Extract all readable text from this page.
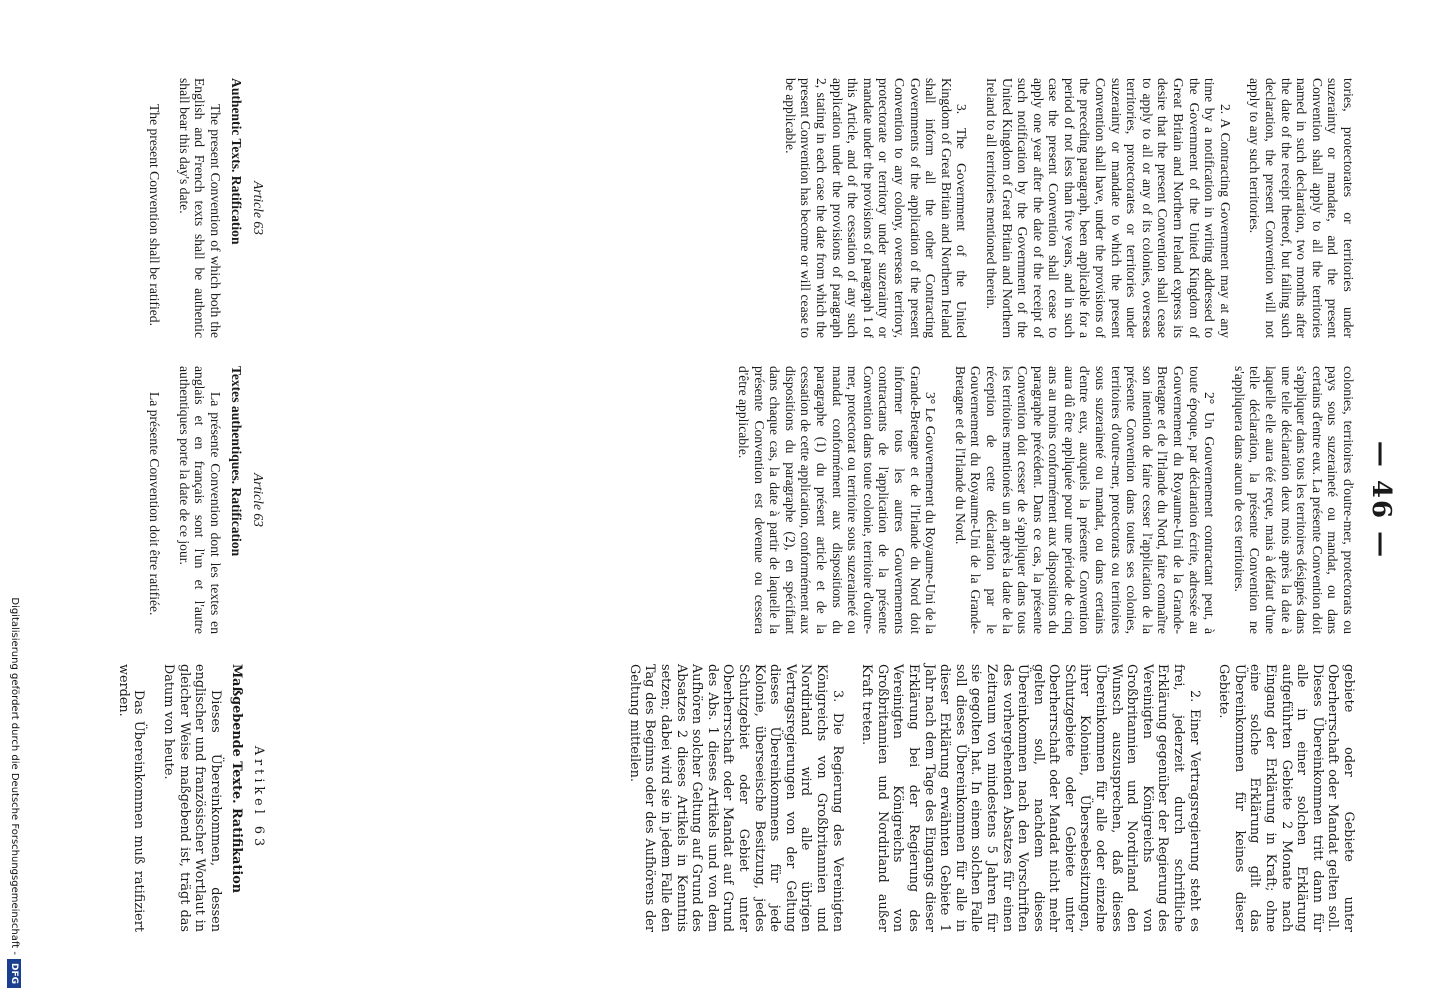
— 46 —

tories, protectorates or territories under suzerainty or mandate, and the present Convention shall apply to all the territories named in such declaration, two months after the date of the receipt thereof, but failing such declaration, the present Convention will not apply to any such territories.

2. A Contracting Government may at any time by a notification in writing addressed to the Government of the United Kingdom of Great Britain and Northern Ireland express its desire that the present Convention shall cease to apply to all or any of its colonies, overseas territories, protectorates or territories under suzerainty or mandate to which the present Convention shall have, under the provisions of the preceding paragraph, been applicable for a period of not less than five years, and in such case the present Convention shall cease to apply one year after the date of the receipt of such notification by the Government of the United Kingdom of Great Britain and Northern Ireland to all territories mentioned therein.

3. The Government of the United Kingdom of Great Britain and Northern Ireland shall inform all the other Contracting Governments of the application of the present Convention to any colony, overseas territory, protectorate or territory under suzerainty or mandate under the provisions of paragraph 1 of this Article, and of the cessation of any such application under the provisions of paragraph 2, stating in each case the date from which the present Convention has become or will cease to be applicable.

Article 63
Authentic Texts. Ratification

The present Convention of which both the English and French texts shall be authentic shall bear this day's date.

The present Convention shall be ratified.

colonies, territoires d'outre-mer, protectorats ou pays sous suzeraineté ou mandat, ou dans certains d'entre eux. La présente Convention doit s'appliquer dans tous les territoires désignés dans une telle déclaration deux mois après la date à laquelle elle aura été reçue, mais à défaut d'une telle déclaration, la présente Convention ne s'appliquera dans aucun de ces territoires.

2° Un Gouvernement contractant peut, à toute époque, par déclaration écrite, adressée au Gouvernement du Royaume-Uni de la Grande-Bretagne et de l'Irlande du Nord, faire connaître son intention de faire cesser l'application de la présente Convention dans toutes ses colonies, territoires d'outre-mer, protectorats ou territoires sous suzeraineté ou mandat, ou dans certains d'entre eux, auxquels la présente Convention aura dû être appliquée pour une période de cinq ans au moins conformément aux dispositions du paragraphe précédent. Dans ce cas, la présente Convention doit cesser de s'appliquer dans tous les territoires mentionés un an après la date de la réception de cette déclaration par le Gouvernement du Royaume-Uni de la Grande-Bretagne et de l'Irlande du Nord.

3° Le Gouvernement du Royaume-Uni de la Grande-Bretagne et de l'Irlande du Nord doit informer tous les autres Gouvernements contractants de l'application de la présente Convention dans toute colonie, territoire d'outre-mer, protectorat ou territoire sous suzeraineté ou mandat conformément aux dispositions du paragraphe (1) du présent article et de la cessation de cette application, conformément aux dispositions du paragraphe (2), en spécifiant dans chaque cas, la date à partir de laquelle la présente Convention est devenue ou cessera d'être applicable.

Article 63
Textes authentiques. Ratification

La présente Convention dont les textes en anglais et en français sont l'un et l'autre authentiques porte la date de ce jour.

La présente Convention doit être ratifiée.

gebiete oder Gebiete unter Oberherrschaft oder Mandat gelten soll. Dieses Übereinkommen tritt dann für alle in einer solchen Erklärung aufgeführten Gebiete 2 Monate nach Eingang der Erklärung in Kraft; ohne eine solche Erklärung gilt das Übereinkommen für keines dieser Gebiete.

2. Einer Vertragsregierung steht es frei, jederzeit durch schriftliche Erklärung gegenüber der Regierung des Vereinigten Königreichs von Großbritannien und Nordirland den Wunsch auszusprechen, daß dieses Übereinkommen für alle oder einzelne ihrer Kolonien, Überseebesitzungen, Schutzgebiete oder Gebiete unter Oberherrschaft oder Mandat nicht mehr gelten soll, nachdem dieses Übereinkommen nach den Vorschriften des vorhergehenden Absatzes für einen Zeitraum von mindestens 5 Jahren für sie gegolten hat. In einem solchen Falle soll dieses Übereinkommen für alle in dieser Erklärung erwähnten Gebiete 1 Jahr nach dem Tage des Eingangs dieser Erklärung bei der Regierung des Vereinigten Königreichs von Großbritannien und Nordirland außer Kraft treten.

3. Die Regierung des Vereinigten Königreichs von Großbritannien und Nordirland wird alle übrigen Vertragsregierungen von der Geltung dieses Übereinkommens für jede Kolonie, überseeische Besitzung, jedes Schutzgebiet oder Gebiet unter Oberherrschaft oder Mandat auf Grund des Abs. 1 dieses Artikels und von dem Aufhören solcher Geltung auf Grund des Absatzes 2 dieses Artikels in Kenntnis setzen; dabei wird sie in jedem Falle den Tag des Beginns oder des Aufhörens der Geltung mitteilen.

Artikel 63
Maßgebende Texte. Ratifikation

Dieses Übereinkommen, dessen englischer und französischer Wortlaut in gleicher Weise maßgebend ist, trägt das Datum von heute.

Das Übereinkommen muß ratifiziert werden.

Digitalisierung gefördert durch die Deutsche Forschungsgemeinschaft -
DFG
